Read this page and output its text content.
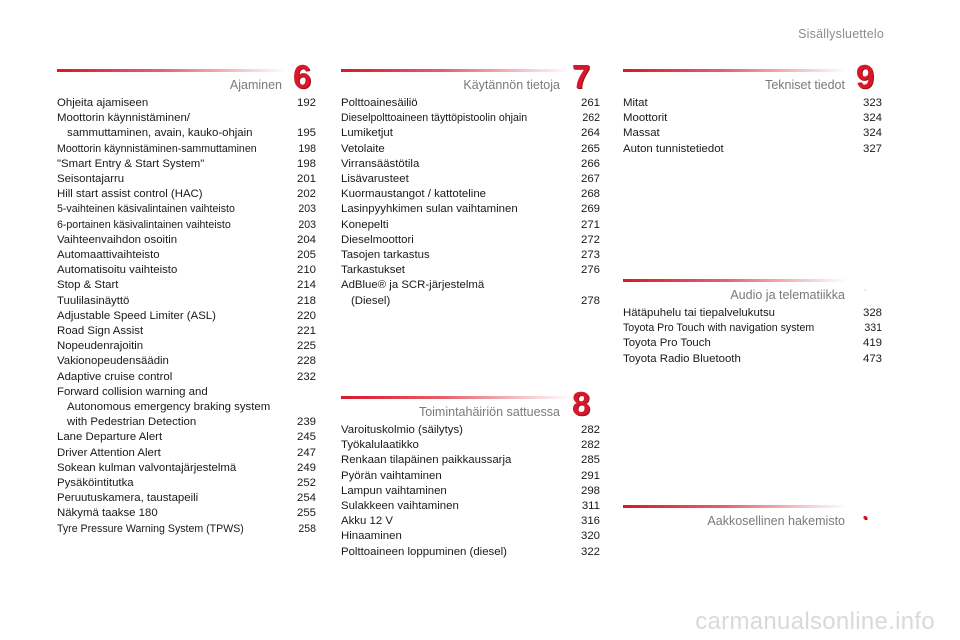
Sisällysluettelo
Ajaminen 6
Ohjeita ajamiseen	192
Moottorin käynnistäminen/
sammuttaminen, avain, kauko-ohjain	195
Moottorin käynnistäminen-sammuttaminen	198
"Smart Entry & Start System"	198
Seisontajarru	201
Hill start assist control (HAC)	202
5-vaihteinen käsivalintainen vaihteisto	203
6-portainen käsivalintainen vaihteisto	203
Vaihteenvaihdon osoitin	204
Automaattivaihteisto	205
Automatisoitu vaihteisto	210
Stop & Start	214
Tuulilasinäyttö	218
Adjustable Speed Limiter (ASL)	220
Road Sign Assist	221
Nopeudenrajoitin	225
Vakionopeudensäädin	228
Adaptive cruise control	232
Forward collision warning and
Autonomous emergency braking system
with Pedestrian Detection	239
Lane Departure Alert	245
Driver Attention Alert	247
Sokean kulman valvontajärjestelmä	249
Pysäköintitutka	252
Peruutuskamera, taustapeili	254
Näkymä taakse 180	255
Tyre Pressure Warning System (TPWS)	258
Käytännön tietoja 7
Polttoainesäiliö	261
Dieselpolttoaineen täyttöpistoolin ohjain	262
Lumiketjut	264
Vetolaite	265
Virransäästötila	266
Lisävarusteet	267
Kuormaustangot / kattoteline	268
Lasinpyyhkimen sulan vaihtaminen	269
Konepelti	271
Dieselmoottori	272
Tasojen tarkastus	273
Tarkastukset	276
AdBlue® ja SCR-järjestelmä
(Diesel)	278
Toimintahäiriön sattuessa 8
Varoituskolmio (säilytys)	282
Työkalulaatikko	282
Renkaan tilapäinen paikkaussarja	285
Pyörän vaihtaminen	291
Lampun vaihtaminen	298
Sulakkeen vaihtaminen	311
Akku 12 V	316
Hinaaminen	320
Polttoaineen loppuminen (diesel)	322
Tekniset tiedot 9
Mitat	323
Moottorit	324
Massat	324
Auton tunnistetiedot	327
Audio ja telematiikka	.
Hätäpuhelu tai tiepalvelukutsu	328
Toyota Pro Touch with navigation system	331
Toyota Pro Touch	419
Toyota Radio Bluetooth	473
Aakkosellinen hakemisto .
carmanualsonline.info
